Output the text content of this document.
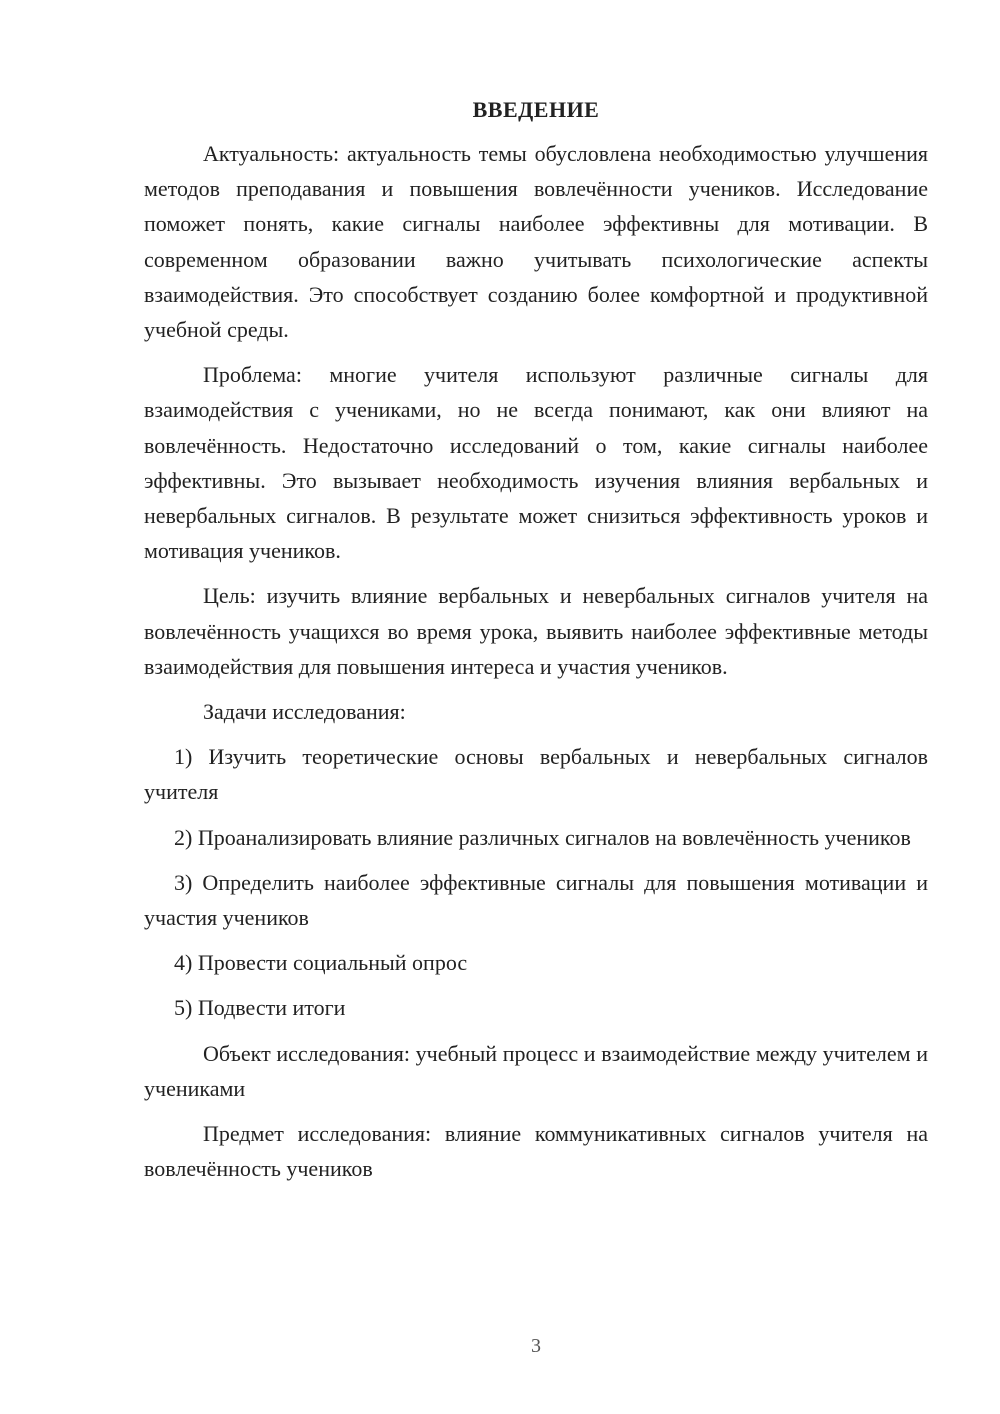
ВВЕДЕНИЕ

Актуальность: актуальность темы обусловлена необходимостью улучшения методов преподавания и повышения вовлечённости учеников. Исследование поможет понять, какие сигналы наиболее эффективны для мотивации. В современном образовании важно учитывать психологические аспекты взаимодействия. Это способствует созданию более комфортной и продуктивной учебной среды.

Проблема: многие учителя используют различные сигналы для взаимодействия с учениками, но не всегда понимают, как они влияют на вовлечённость. Недостаточно исследований о том, какие сигналы наиболее эффективны. Это вызывает необходимость изучения влияния вербальных и невербальных сигналов. В результате может снизиться эффективность уроков и мотивация учеников.

Цель: изучить влияние вербальных и невербальных сигналов учителя на вовлечённость учащихся во время урока, выявить наиболее эффективные методы взаимодействия для повышения интереса и участия учеников.

Задачи исследования:

1) Изучить теоретические основы вербальных и невербальных сигналов учителя

2) Проанализировать влияние различных сигналов на вовлечённость учеников

3) Определить наиболее эффективные сигналы для повышения мотивации и участия учеников

4) Провести социальный опрос

5) Подвести итоги

Объект исследования: учебный процесс и взаимодействие между учителем и учениками

Предмет исследования: влияние коммуникативных сигналов учителя на вовлечённость учеников

3
